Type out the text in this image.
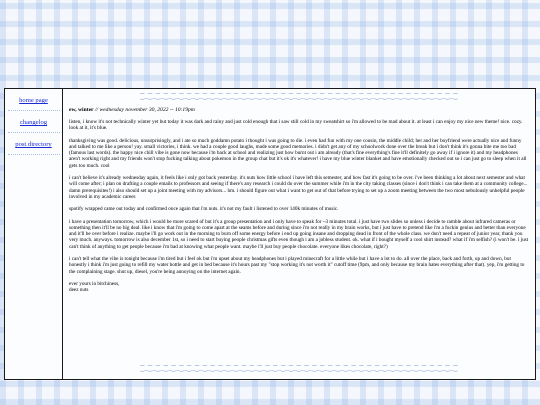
home page
changelog
post directory
⁐‿⁐‿⁐‿⁐‿⁐‿⁐‿⁐‿⁐‿⁐‿⁐‿⁐‿⁐‿⁐‿⁐‿⁐‿⁐‿⁐‿⁐‿⁐‿⁐‿⁐‿⁐‿⁐‿⁐‿⁐‿⁐‿⁐‿⁐‿⁐‿⁐‿⁐‿⁐‿⁐‿⁐‿⁐‿⁐‿⁐‿⁐‿⁐‿⁐‿⁐
ew, winter // wednesday november 30, 2022 -- 10:19pm

listen, i know it's not technically winter yet but today it was dark and rainy and just cold enough that i saw still cold in my sweatshirt so i'm allowed to be mad about it. at least i can enjoy my nice new theme! nice. cozy. look at it, it's blue.

thanksgiving was good. delicious, unsurprisingly, and i ate so much goddamn potato i thought i was going to die. i even had fun with my one cousin, the middle child; her and her boyfriend were actually nice and funny and talked to me like a person! yay. small victories, i think. we had a couple good laughs, made some good memories. i didn't get any of my schoolwork done over the break but i don't think it's gonna bite me too bad (famous last words). the happy nice chill vibe is gone now because i'm back at school and realizing just how burnt out i am already (that's fine everything's fine it'll definitely go away if i ignore it) and my headphones aren't working right and my friends won't stop fucking talking about pokemon in the group chat but it's ok it's whatever! i have my blue winter blanket and have emotionally checked out so i can just go to sleep when it all gets too much. cool

i can't believe it's already wednesday again, it feels like i only got back yesterday. it's nuts how little school i have left this semester, and how fast it's going to be over. i've been thinking a lot about next semester and what will come after; i plan on drafting a couple emails to professors and seeing if there's any research i could do over the summer while i'm in the city taking classes (since i don't think i can take them at a community college... damn prerequisites!) i also should set up a joint meeting with my advisors... hm. i should figure out what i want to get out of that before trying to set up a zoom meeting between the two most nebulously unhelpful people involved in my academic career.

spotify wrapped came out today and confirmed once again that i'm nuts. it's not my fault i listened to over 140k minutes of music.

i have a presentation tomorrow, which i would be more scared of but it's a group presentation and i only have to speak for ~3 minutes total. i just have two slides so unless i decide to ramble about infrared cameras or something then it'll be no big deal. like i know that i'm going to come apart at the seams before and during since i'm not really in my brain works, but i just have to pretend like i'm a fuckin genius and better than everyone and it'll be over before i realize. maybe i'll go work out in the morning to burn off some energy before i end up going insane and dropping dead in front of the whole class. we don't need a repeat of junior year, thank you very much. anyways. tomorrow is also december 1st, so i need to start buying people christmas gifts even though i am a jobless student. ok. what if i bought myself a cool shirt instead? what if i'm selfish? (i won't be. i just can't think of anything to get people because i'm bad at knowing what people want. maybe i'll just buy people chocolate. everyone likes chocolate, right?)

i can't tell what the vibe is tonight because i'm tired but i feel ok but i'm upset about my headphones but i played minecraft for a little while but i have a lot to do. all over the place, back and forth, up and down, but honestly i think i'm just going to refill my water bottle and get in bed because it's hours past my "stop working it's not worth it" cutoff time (9pm, and only because my brain hates everything after that). yep, i'm getting to the complaining stage. shut up, diesel, you're being annoying on the internet again.

ever yours in bitchiness,
deez nuts

⁐‿⁐‿⁐‿⁐‿⁐‿⁐‿⁐‿⁐‿⁐‿⁐‿⁐‿⁐‿⁐‿⁐‿⁐‿⁐‿⁐‿⁐‿⁐‿⁐‿⁐‿⁐‿⁐‿⁐‿⁐‿⁐‿⁐‿⁐‿⁐‿⁐‿⁐‿⁐‿⁐‿⁐‿⁐‿⁐‿⁐‿⁐‿⁐‿⁐‿⁐
